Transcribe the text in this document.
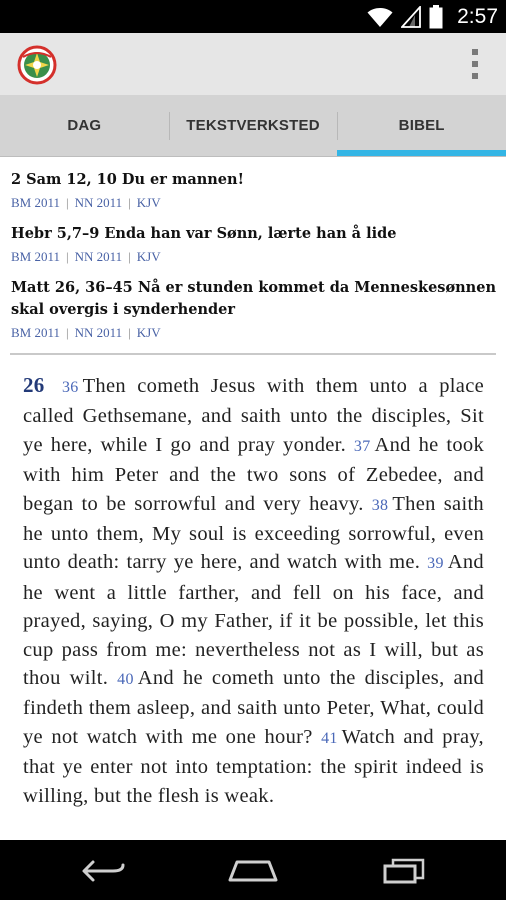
2:57
DAG	TEKSTVERKSTED	BIBEL
2 Sam 12, 10 Du er mannen!
BM 2011 | NN 2011 | KJV
Hebr 5,7–9 Enda han var Sønn, lærte han å lide
BM 2011 | NN 2011 | KJV
Matt 26, 36–45 Nå er stunden kommet da Menneskesønnen skal overgis i synderhender
BM 2011 | NN 2011 | KJV
26 36 Then cometh Jesus with them unto a place called Gethsemane, and saith unto the disciples, Sit ye here, while I go and pray yonder. 37 And he took with him Peter and the two sons of Zebedee, and began to be sorrowful and very heavy. 38 Then saith he unto them, My soul is exceeding sorrowful, even unto death: tarry ye here, and watch with me. 39 And he went a little farther, and fell on his face, and prayed, saying, O my Father, if it be possible, let this cup pass from me: nevertheless not as I will, but as thou wilt. 40 And he cometh unto the disciples, and findeth them asleep, and saith unto Peter, What, could ye not watch with me one hour? 41 Watch and pray, that ye enter not into temptation: the spirit indeed is willing, but the flesh is weak.
